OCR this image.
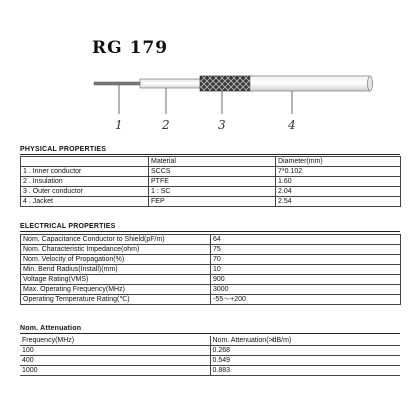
RG 179
1	2	3	4
PHYSICAL PROPERTIES
	Material	Diameter(mm)
1 . Inner conductor	SCCS	7*0.102
2 . Insulation	PTFE	1.60
3 . Outer conductor	1 : SC	2.04
4 . Jacket	FEP	2.54
ELECTRICAL PROPERTIES
Nom. Capacitance Conductor to Shield(pF/m)	64
Nom. Characteristic Impedance(ohm)	75
Nom. Velocity of Propagation(%)	70
Min. Bend Radius(Install)(mm)	10
Voltage Rating(VMS)	900
Max. Operating Frequency(MHz)	3000
Operating Temperature Rating(℃)	-55～+200
Nom. Attenuation
Frequency(MHz)	Nom. Attenuation(≯dB/m)
100	0.268
400	0.549
1000	0.883
